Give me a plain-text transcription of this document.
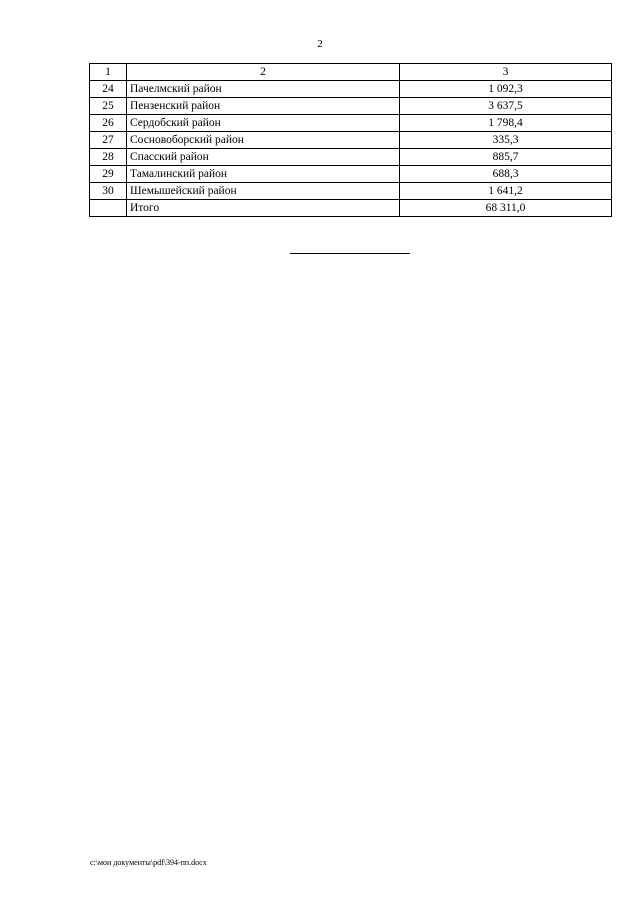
2
1	2	3
24	Пачелмский район	1 092,3
25	Пензенский район	3 637,5
26	Сердобский район	1 798,4
27	Сосновоборский район	335,3
28	Спасский район	885,7
29	Тамалинский район	688,3
30	Шемышейский район	1 641,2
	Итого	68 311,0
c:\мои документы\pdf\394-пп.docx
